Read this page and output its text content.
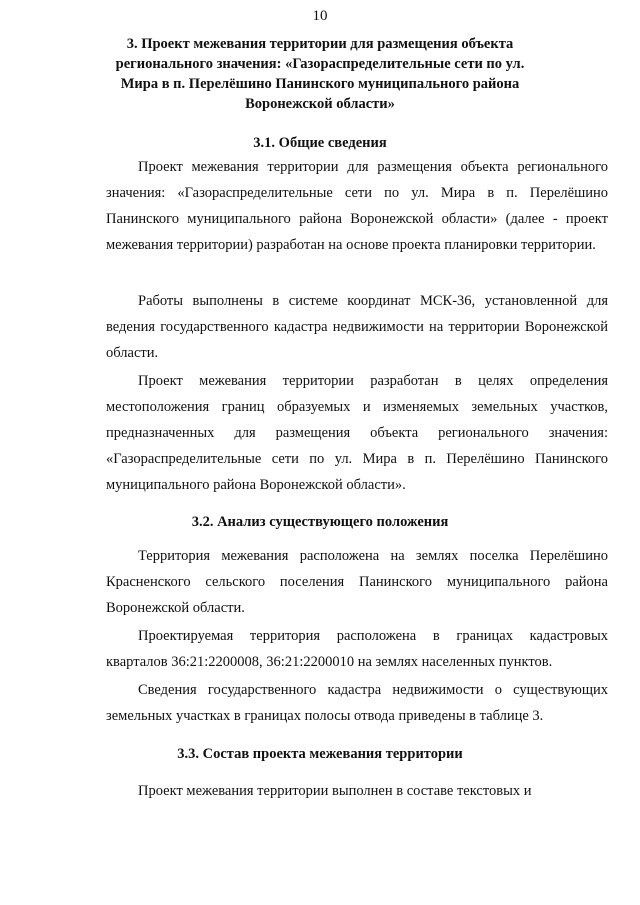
10
3. Проект межевания территории для размещения объекта регионального значения: «Газораспределительные сети по ул. Мира в п. Перелёшино Панинского муниципального района Воронежской области»
3.1. Общие сведения

Проект межевания территории для размещения объекта регионального значения: «Газораспределительные сети по ул. Мира в п. Перелёшино Панинского муниципального района Воронежской области» (далее - проект межевания территории) разработан на основе проекта планировки территории.

Работы выполнены в системе координат МСК-36, установленной для ведения государственного кадастра недвижимости на территории Воронежской области.

Проект межевания территории разработан в целях определения местоположения границ образуемых и изменяемых земельных участков, предназначенных для размещения объекта регионального значения: «Газораспределительные сети по ул. Мира в п. Перелёшино Панинского муниципального района Воронежской области».

3.2. Анализ существующего положения

Территория межевания расположена на землях поселка Перелёшино Красненского сельского поселения Панинского муниципального района Воронежской области.

Проектируемая территория расположена в границах кадастровых кварталов 36:21:2200008, 36:21:2200010 на землях населенных пунктов.

Сведения государственного кадастра недвижимости о существующих земельных участках в границах полосы отвода приведены в таблице 3.

3.3. Состав проекта межевания территории

Проект межевания территории выполнен в составе текстовых и
